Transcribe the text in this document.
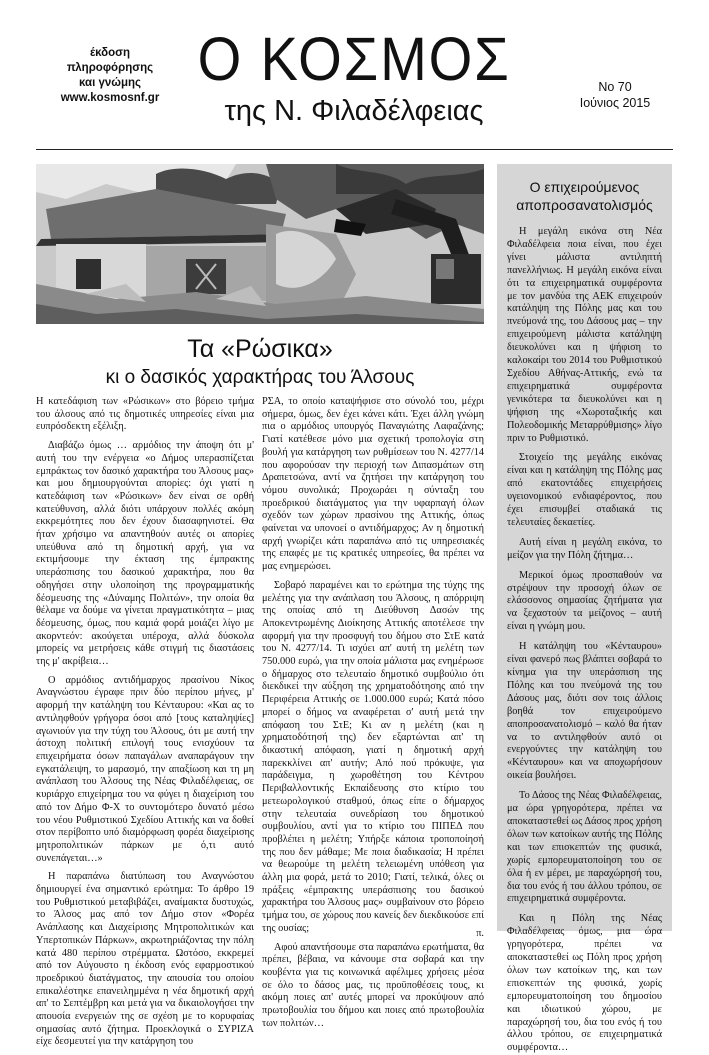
έκδοση
πληροφόρησης
και γνώμης
www.kosmosnf.gr
Ο ΚΟΣΜΟΣ
της Ν. Φιλαδέλφειας
Νο 70
Ιούνιος 2015
Τα «Ρώσικα»
κι ο δασικός χαρακτήρας του Άλσους

Η κατεδάφιση των «Ρώσικων» στο βόρειο τμήμα του άλσους από τις δημοτικές υπηρεσίες είναι μια ευπρόσδεκτη εξέλιξη.

Διαβάζω όμως … αρμόδιος την άποψη ότι μ' αυτή του την ενέργεια «ο Δήμος υπερασπίζεται εμπράκτως τον δασικό χαρακτήρα του Άλσους μας» και μου δημιουργούνται απορίες: όχι γιατί η κατεδάφιση των «Ρώσικων» δεν είναι σε ορθή κατεύθυνση, αλλά διότι υπάρχουν πολλές ακόμη εκκρεμότητες που δεν έχουν διασαφηνιστεί. Θα ήταν χρήσιμο να απαντηθούν αυτές οι απορίες υπεύθυνα από τη δημοτική αρχή, για να εκτιμήσουμε την έκταση της έμπρακτης υπεράσπισης του δασικού χαρακτήρα, που θα οδηγήσει στην υλοποίηση της προγραμματικής δέσμευσης της «Δύναμης Πολιτών», την οποία θα θέλαμε να δούμε να γίνεται πραγματικότητα – μιας δέσμευσης, όμως, που καμιά φορά μοιάζει λίγο με ακορντεόν: ακούγεται υπέροχα, αλλά δύσκολα μπορείς να μετρήσεις κάθε στιγμή τις διαστάσεις της μ' ακρίβεια…

Ο αρμόδιος αντιδήμαρχος πρασίνου Νίκος Αναγνώστου έγραφε πριν δύο περίπου μήνες, μ' αφορμή την κατάληψη του Κένταυρου: «Και ας το αντιληφθούν γρήγορα όσοι από [τους καταληψίες] αγωνιούν για την τύχη του Άλσους, ότι με αυτή την άστοχη πολιτική επιλογή τους ενισχύουν τα επιχειρήματα όσων παπαγάλων αναπαράγουν την εγκατάλειψη, το μαρασμό, την απαξίωση και τη μη ανάπλαση του Άλσους της Νέας Φιλαδέλφειας, σε κυριάρχο επιχείρημα του να φύγει η διαχείριση του από τον Δήμο Φ-Χ το συντομότερο δυνατό μέσω του νέου Ρυθμιστικού Σχεδίου Αττικής και να δοθεί στον περίβοπτο υπό διαμόρφωση φορέα διαχείρισης μητροπολιτικών πάρκων με ό,τι αυτό συνεπάγεται…»

Η παραπάνω διατύπωση του Αναγνώστου δημιουργεί ένα σημαντικό ερώτημα: Το άρθρο 19 του Ρυθμιστικού μεταβιβάζει, αναίμακτα δυστυχώς, το Άλσος μας από τον Δήμο στον «Φορέα Ανάπλασης και Διαχείρισης Μητροπολιτικών και Υπερτοπικών Πάρκων», ακρωτηριάζοντας την πόλη κατά 480 περίπου στρέμματα. Ωστόσο, εκκρεμεί από τον Αύγουστο η έκδοση ενός εφαρμοστικού προεδρικού διατάγματος, την απουσία του οποίου επικαλέστηκε επανειλημμένα η νέα δημοτική αρχή απ' το Σεπτέμβρη και μετά για να δικαιολογήσει την απουσία ενεργειών της σε σχέση με το κορυφαίας σημασίας αυτό ζήτημα. Προεκλογικά ο ΣΥΡΙΖΑ είχε δεσμευτεί για την κατάργηση του

ΡΣΑ, το οποίο καταψήφισε στο σύνολό του, μέχρι σήμερα, όμως, δεν έχει κάνει κάτι. Έχει άλλη γνώμη πια ο αρμόδιος υπουργός Παναγιώτης Λαφαζάνης; Γιατί κατέθεσε μόνο μια σχετική τροπολογία στη βουλή για κατάργηση των ρυθμίσεων του Ν. 4277/14 που αφορούσαν την περιοχή των Διπασμάτων στη Δραπετσώνα, αντί να ζητήσει την κατάργηση του νόμου συνολικά; Προχωράει η σύνταξη του προεδρικού διατάγματος για την υφαρπαγή όλων σχεδόν των χώρων πρασίνου της Αττικής, όπως φαίνεται να υπονοεί ο αντιδήμαρχος; Αν η δημοτική αρχή γνωρίζει κάτι παραπάνω από τις υπηρεσιακές της επαφές με τις κρατικές υπηρεσίες, θα πρέπει να μας ενημερώσει.

Σοβαρό παραμένει και το ερώτημα της τύχης της μελέτης για την ανάπλαση του Άλσους, η απόρριψη της οποίας από τη Διεύθυνση Δασών της Αποκεντρωμένης Διοίκησης Αττικής αποτέλεσε την αφορμή για την προσφυγή του δήμου στο ΣτΕ κατά του Ν. 4277/14. Τι ισχύει απ' αυτή τη μελέτη των 750.000 ευρώ, για την οποία μάλιστα μας ενημέρωσε ο δήμαρχος στο τελευταίο δημοτικό συμβούλιο ότι διεκδικεί την αύξηση της χρηματοδότησης από την Περιφέρεια Αττικής σε 1.000.000 ευρώ; Κατά πόσο μπορεί ο δήμος να αναφέρεται σ' αυτή μετά την απόφαση του ΣτΕ; Κι αν η μελέτη (και η χρηματοδότησή της) δεν εξαρτώνται απ' τη δικαστική απόφαση, γιατί η δημοτική αρχή παρεκκλίνει απ' αυτήν; Από πού πρόκυψε, για παράδειγμα, η χωροθέτηση του Κέντρου Περιβαλλοντικής Εκπαίδευσης στο κτίριο του μετεωρολογικού σταθμού, όπως είπε ο δήμαρχος στην τελευταία συνεδρίαση του δημοτικού συμβουλίου, αντί για το κτίριο του ΠΙΠΕΔ που προβλέπει η μελέτη; Υπήρξε κάποια τροποποίησή της που δεν μάθαμε; Με ποια διαδικασία; Η πρέπει να θεωρούμε τη μελέτη τελειωμένη υπόθεση για άλλη μια φορά, μετά το 2010; Γιατί, τελικά, όλες οι πράξεις «έμπρακτης υπεράσπισης του δασικού χαρακτήρα του Άλσους μας» συμβαίνουν στο βόρειο τμήμα του, σε χώρους που κανείς δεν διεκδικούσε επί της ουσίας;

Αφού απαντήσουμε στα παραπάνω ερωτήματα, θα πρέπει, βέβαια, να κάνουμε στα σοβαρά και την κουβέντα για τις κοινωνικά αφέλιμες χρήσεις μέσα σε όλο το δάσος μας, τις προϋποθέσεις τους, κι ακόμη ποιες απ' αυτές μπορεί να προκύψουν από πρωτοβουλία του δήμου και ποιες από πρωτοβουλία των πολιτών…

π.
Ο επιχειρούμενος αποπροσανατολισμός

Η μεγάλη εικόνα στη Νέα Φιλαδέλφεια ποια είναι, που έχει γίνει μάλιστα αντιληπτή πανελλήνιως. Η μεγάλη εικόνα είναι ότι τα επιχειρηματικά συμφέροντα με τον μανδύα της ΑΕΚ επιχειρούν κατάληψη της Πόλης μας και του πνεύμονά της, του Δάσους μας – την επιχειρούμενη μάλιστα κατάληψη διευκολύνει και η ψήφιση το καλοκαίρι του 2014 του Ρυθμιστικού Σχεδίου Αθήνας-Αττικής, ενώ τα επιχειρηματικά συμφέροντα γενικότερα τα διευκολύνει και η ψήφιση της «Χωροταξικής και Πολεοδομικής Μεταρρύθμισης» λίγο πριν το Ρυθμιστικό.

Στοιχείο της μεγάλης εικόνας είναι και η κατάληψη της Πόλης μας από εκατοντάδες επιχειρήσεις υγειονομικού ενδιαφέροντος, που έχει επισυμβεί σταδιακά τις τελευταίες δεκαετίες.

Αυτή είναι η μεγάλη εικόνα, το μείζον για την Πόλη ζήτημα…

Μερικοί όμως προσπαθούν να στρέψουν την προσοχή όλων σε ελάσσονος σημασίας ζητήματα για να ξεχαστούν τα μείζονος – αυτή είναι η γνώμη μου.

Η κατάληψη του «Κένταυρου» είναι φανερό πως βλάπτει σοβαρά το κίνημα για την υπεράσπιση της Πόλης και του πνεύμονά της του Δάσους μας, διότι σον τοις άλλοις βοηθά τον επιχειρούμενο αποπροσανατολισμό – καλό θα ήταν να το αντιληφθούν αυτό οι ενεργούντες την κατάληψη του «Κένταυρου» και να αποχωρήσουν οικεία βουλήσει.

Το Δάσος της Νέας Φιλαδέλφειας, μα ώρα γρηγορότερα, πρέπει να αποκαταστεθεί ως Δάσος προς χρήση όλων των κατοίκων αυτής της Πόλης και των επισκεπτών της φυσικά, χωρίς εμπορευματοποίηση του σε όλα ή εν μέρει, με παραχώρησή του, δια του ενός ή του άλλου τρόπου, σε επιχειρηματικά συμφέροντα.

Και η Πόλη της Νέας Φιλαδέλφειας όμως, μια ώρα γρηγορότερα, πρέπει να αποκαταστεθεί ως Πόλη προς χρήση όλων των κατοίκων της, και των επισκεπτών της φυσικά, χωρίς εμπορευματοποίηση του δημοσίου και ιδιωτικού χώρου, με παραχώρησή του, δια του ενός ή του άλλου τρόπου, σε επιχειρηματικά συμφέροντα…
